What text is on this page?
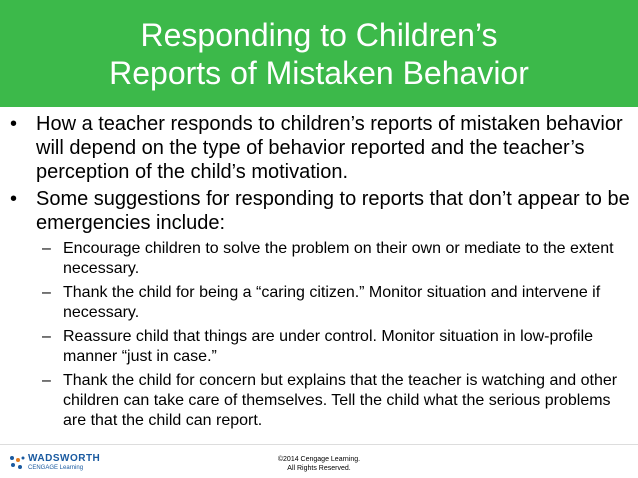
Responding to Children’s
Reports of Mistaken Behavior
• How a teacher responds to children’s reports of mistaken behavior will depend on the type of behavior reported and the teacher’s perception of the child’s motivation.
• Some suggestions for responding to reports that don’t appear to be emergencies include:
– Encourage children to solve the problem on their own or mediate to the extent necessary.
– Thank the child for being a “caring citizen.” Monitor situation and intervene if necessary.
– Reassure child that things are under control. Monitor situation in low-profile manner “just in case.”
– Thank the child for concern but explains that the teacher is watching and other children can take care of themselves. Tell the child what the serious problems are that the child can report.
WADSWORTH
CENGAGE Learning
©2014 Cengage Learning.
All Rights Reserved.
